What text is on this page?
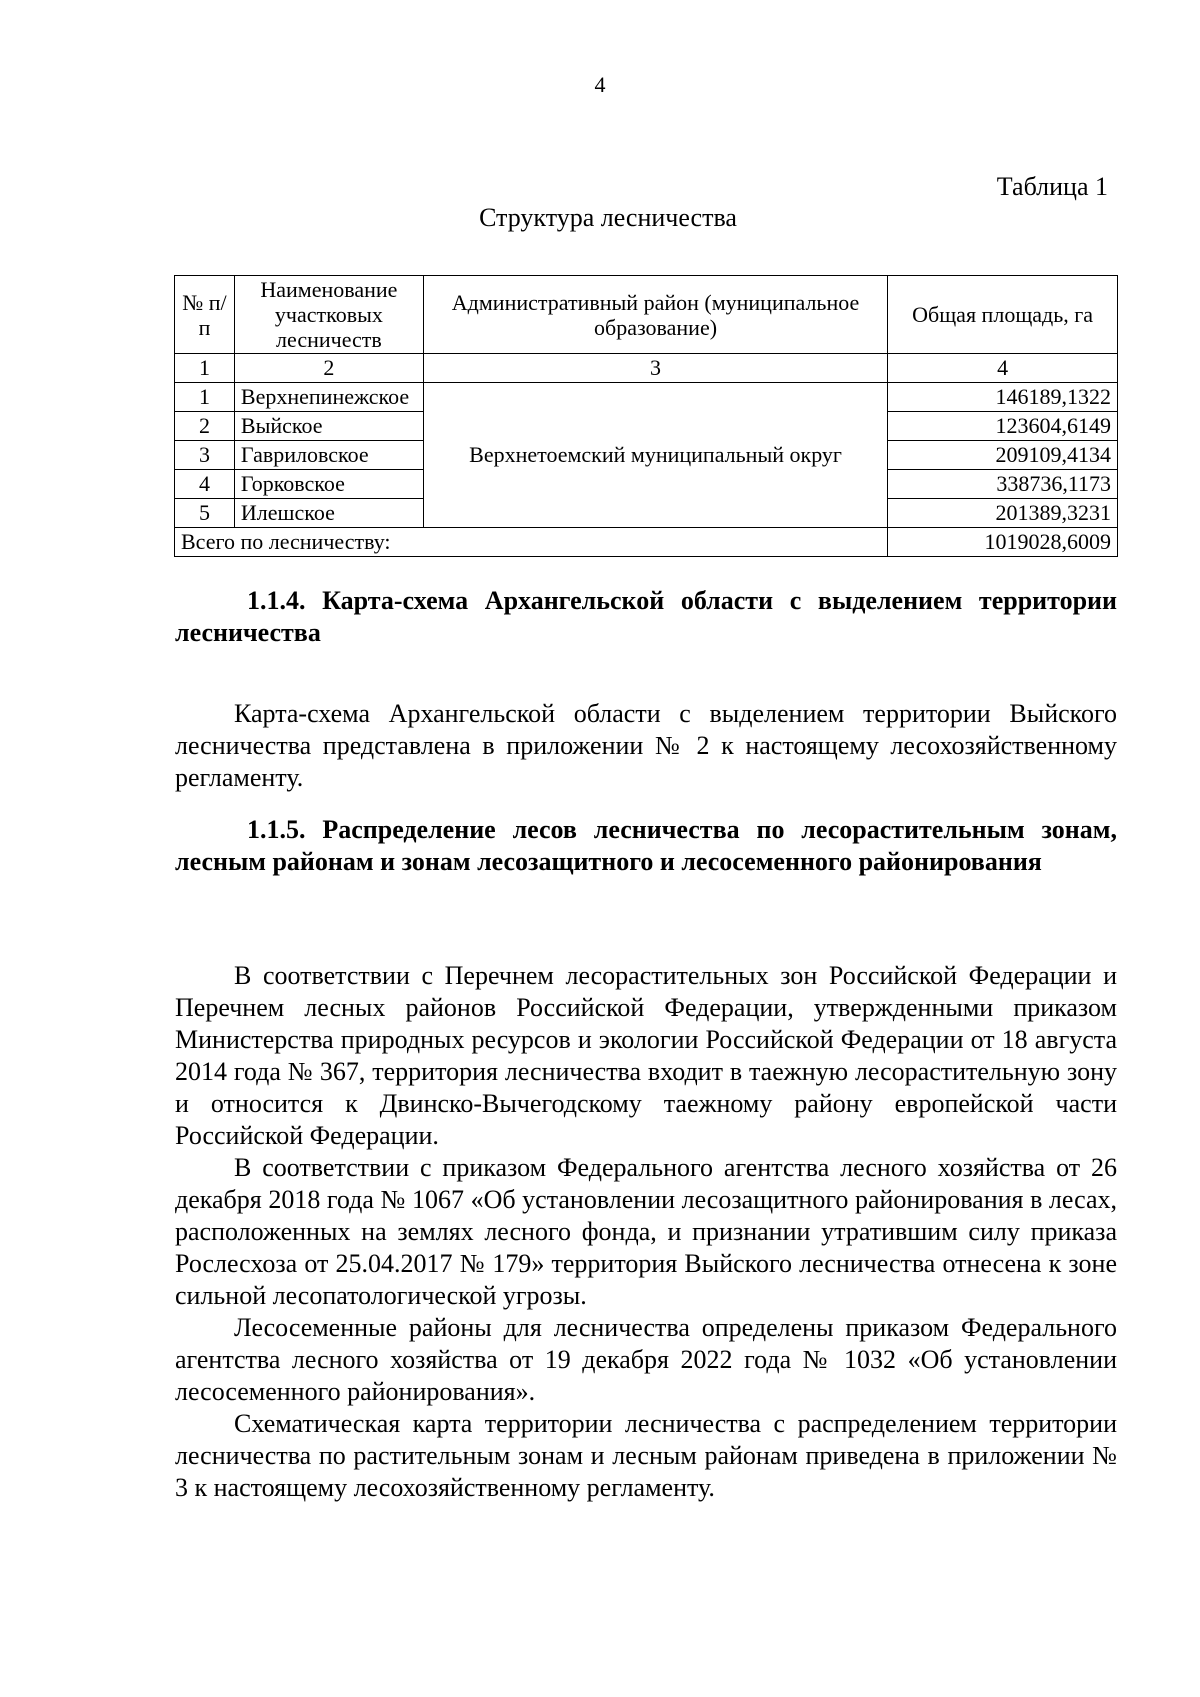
4
Таблица 1
Структура лесничества
№ п/п	Наименование участковых лесничеств	Административный район (муниципальное образование)	Общая площадь, га
1	2	3	4
1	Верхнепинежское	Верхнетоемский муниципальный округ	146189,1322
2	Выйское		123604,6149
3	Гавриловское		209109,4134
4	Горковское		338736,1173
5	Илешское		201389,3231
Всего по лесничеству:			1019028,6009
1.1.4. Карта-схема Архангельской области с выделением территории лесничества
Карта-схема Архангельской области с выделением территории Выйского лесничества представлена в приложении № 2 к настоящему лесохозяйственному регламенту.
1.1.5. Распределение лесов лесничества по лесорастительным зонам, лесным районам и зонам лесозащитного и лесосеменного районирования
В соответствии с Перечнем лесорастительных зон Российской Федерации и Перечнем лесных районов Российской Федерации, утвержденными приказом Министерства природных ресурсов и экологии Российской Федерации от 18 августа 2014 года № 367, территория лесничества входит в таежную лесорастительную зону и относится к Двинско-Вычегодскому таежному району европейской части Российской Федерации.
В соответствии с приказом Федерального агентства лесного хозяйства от 26 декабря 2018 года № 1067 «Об установлении лесозащитного районирования в лесах, расположенных на землях лесного фонда, и признании утратившим силу приказа Рослесхоза от 25.04.2017 № 179» территория Выйского лесничества отнесена к зоне сильной лесопатологической угрозы.
Лесосеменные районы для лесничества определены приказом Федерального агентства лесного хозяйства от 19 декабря 2022 года № 1032 «Об установлении лесосеменного районирования».
Схематическая карта территории лесничества с распределением территории лесничества по растительным зонам и лесным районам приведена в приложении № 3 к настоящему лесохозяйственному регламенту.
